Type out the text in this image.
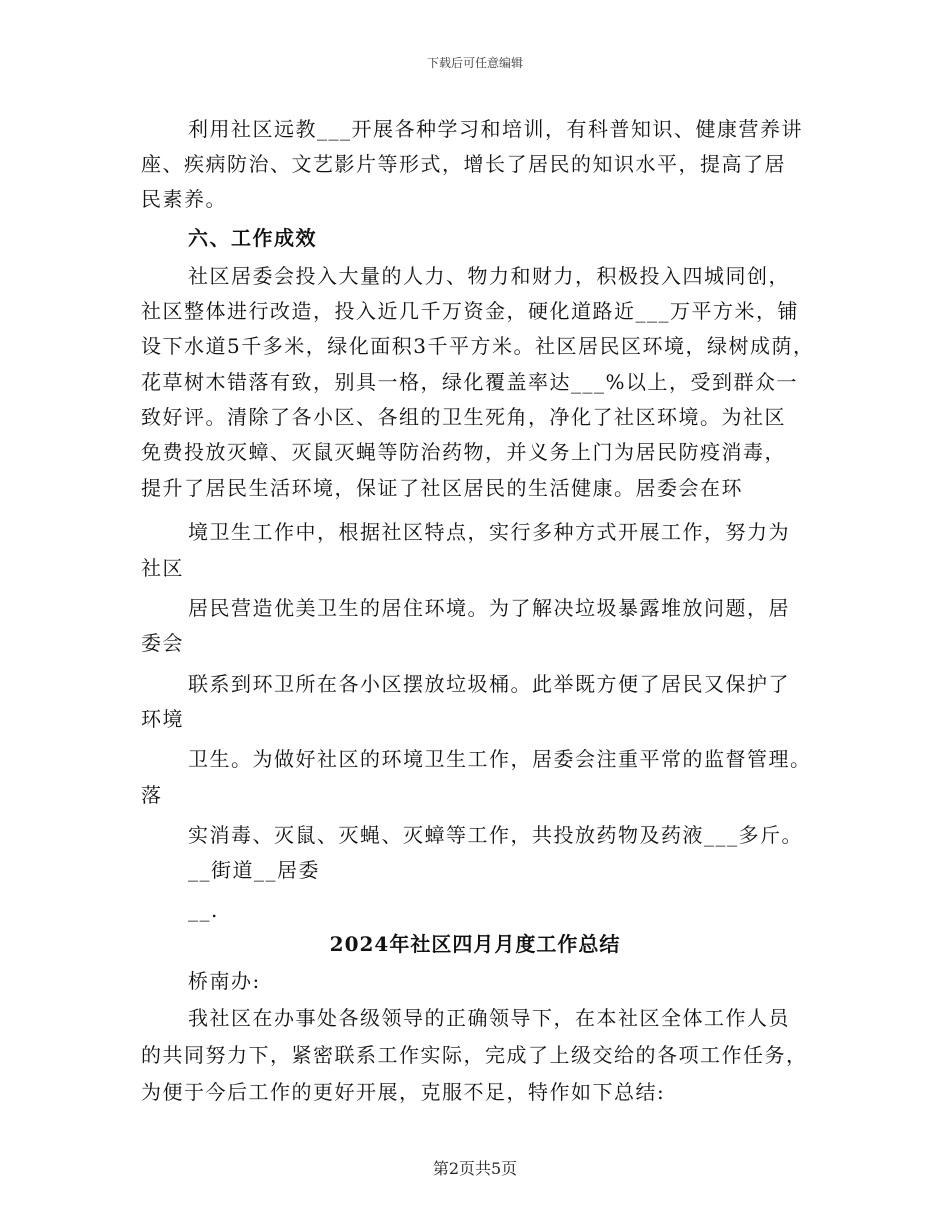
下载后可任意编辑
利用社区远教___开展各种学习和培训，有科普知识、健康营养讲
座、疾病防治、文艺影片等形式，增长了居民的知识水平，提高了居
民素养。
六、工作成效
社区居委会投入大量的人力、物力和财力，积极投入四城同创，
社区整体进行改造，投入近几千万资金，硬化道路近___万平方米，铺
设下水道5千多米，绿化面积3千平方米。社区居民区环境，绿树成荫，
花草树木错落有致，别具一格，绿化覆盖率达___%以上，受到群众一
致好评。清除了各小区、各组的卫生死角，净化了社区环境。为社区
免费投放灭蟑、灭鼠灭蝇等防治药物，并义务上门为居民防疫消毒，
提升了居民生活环境，保证了社区居民的生活健康。居委会在环
境卫生工作中，根据社区特点，实行多种方式开展工作，努力为
社区
居民营造优美卫生的居住环境。为了解决垃圾暴露堆放问题，居
委会
联系到环卫所在各小区摆放垃圾桶。此举既方便了居民又保护了
环境
卫生。为做好社区的环境卫生工作，居委会注重平常的监督管理。
落
实消毒、灭鼠、灭蝇、灭蟑等工作，共投放药物及药液___多斤。
__街道__居委
__.
2024年社区四月月度工作总结
桥南办:
我社区在办事处各级领导的正确领导下，在本社区全体工作人员
的共同努力下，紧密联系工作实际，完成了上级交给的各项工作任务，
为便于今后工作的更好开展，克服不足，特作如下总结:
第2页共5页
